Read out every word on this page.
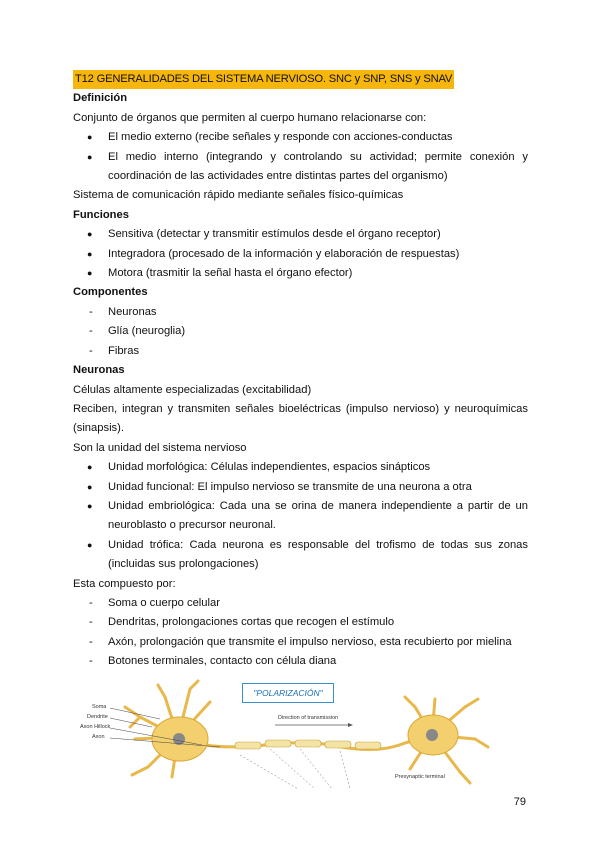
T12 GENERALIDADES DEL SISTEMA NERVIOSO. SNC y SNP, SNS y SNAV
Definición
Conjunto de órganos que permiten al cuerpo humano relacionarse con:
● El medio externo (recibe señales y responde con acciones-conductas
● El medio interno (integrando y controlando su actividad; permite conexión y coordinación de las actividades entre distintas partes del organismo)
Sistema de comunicación rápido mediante señales físico-químicas
Funciones
● Sensitiva (detectar y transmitir estímulos desde el órgano receptor)
● Integradora (procesado de la información y elaboración de respuestas)
● Motora (trasmitir la señal hasta el órgano efector)
Componentes
- Neuronas
- Glía (neuroglia)
- Fibras
Neuronas
Células altamente especializadas (excitabilidad)
Reciben, integran y transmiten señales bioeléctricas (impulso nervioso) y neuroquímicas (sinapsis).
Son la unidad del sistema nervioso
● Unidad morfológica: Células independientes, espacios sinápticos
● Unidad funcional: El impulso nervioso se transmite de una neurona a otra
● Unidad embriológica: Cada una se orina de manera independiente a partir de un neuroblasto o precursor neuronal.
● Unidad trófica: Cada neurona es responsable del trofismo de todas sus zonas (incluidas sus prolongaciones)
Esta compuesto por:
- Soma o cuerpo celular
- Dendritas, prolongaciones cortas que recogen el estímulo
- Axón, prolongación que transmite el impulso nervioso, esta recubierto por mielina
- Botones terminales, contacto con célula diana
"POLARIZACIÓN"
Soma
Dendrite
Axon Hillock
Axon
Direction of transmission
Presynaptic terminal
79
